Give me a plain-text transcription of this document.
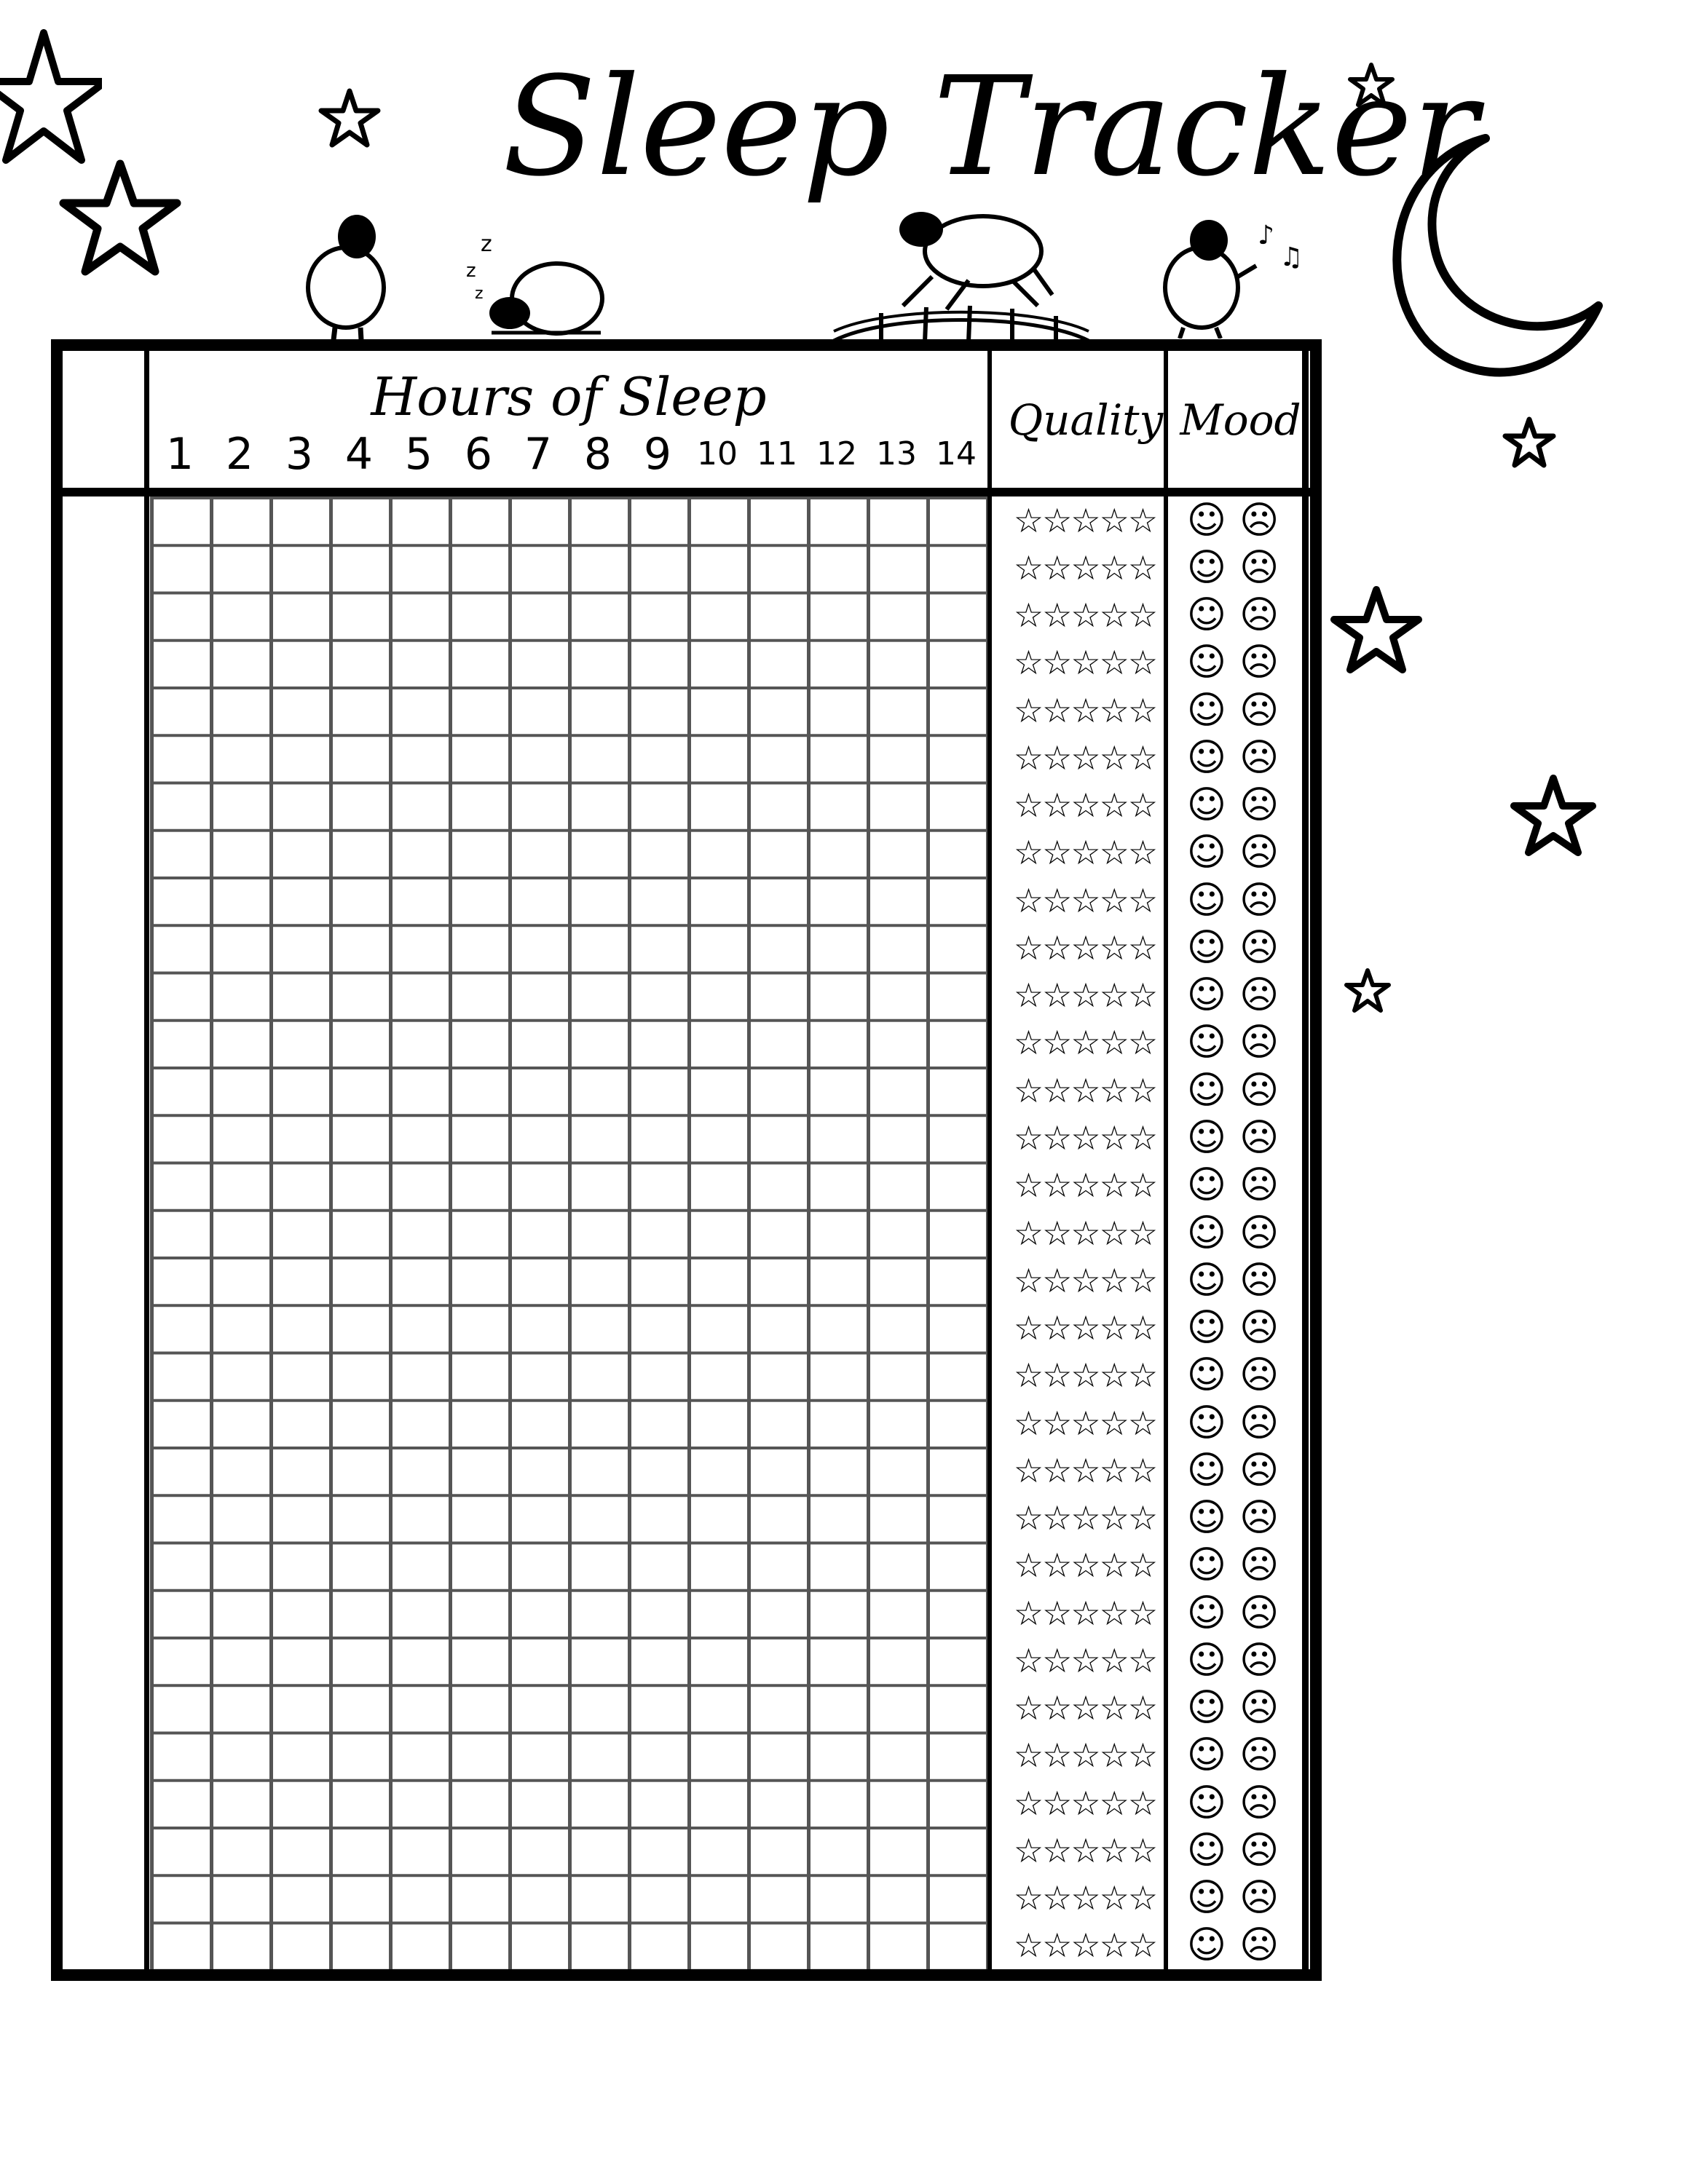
Sleep Tracker
z
z
z
♪
♫
Hours of Sleep
1 2 3 4 5 6 7 8 9 10 11 12 13 14
Quality Mood
☆☆☆☆☆ ☺☹
☆☆☆☆☆ ☺☹
☆☆☆☆☆ ☺☹
☆☆☆☆☆ ☺☹
☆☆☆☆☆ ☺☹
☆☆☆☆☆ ☺☹
☆☆☆☆☆ ☺☹
☆☆☆☆☆ ☺☹
☆☆☆☆☆ ☺☹
☆☆☆☆☆ ☺☹
☆☆☆☆☆ ☺☹
☆☆☆☆☆ ☺☹
☆☆☆☆☆ ☺☹
☆☆☆☆☆ ☺☹
☆☆☆☆☆ ☺☹
☆☆☆☆☆ ☺☹
☆☆☆☆☆ ☺☹
☆☆☆☆☆ ☺☹
☆☆☆☆☆ ☺☹
☆☆☆☆☆ ☺☹
☆☆☆☆☆ ☺☹
☆☆☆☆☆ ☺☹
☆☆☆☆☆ ☺☹
☆☆☆☆☆ ☺☹
☆☆☆☆☆ ☺☹
☆☆☆☆☆ ☺☹
☆☆☆☆☆ ☺☹
☆☆☆☆☆ ☺☹
☆☆☆☆☆ ☺☹
☆☆☆☆☆ ☺☹
☆☆☆☆☆ ☺☹
